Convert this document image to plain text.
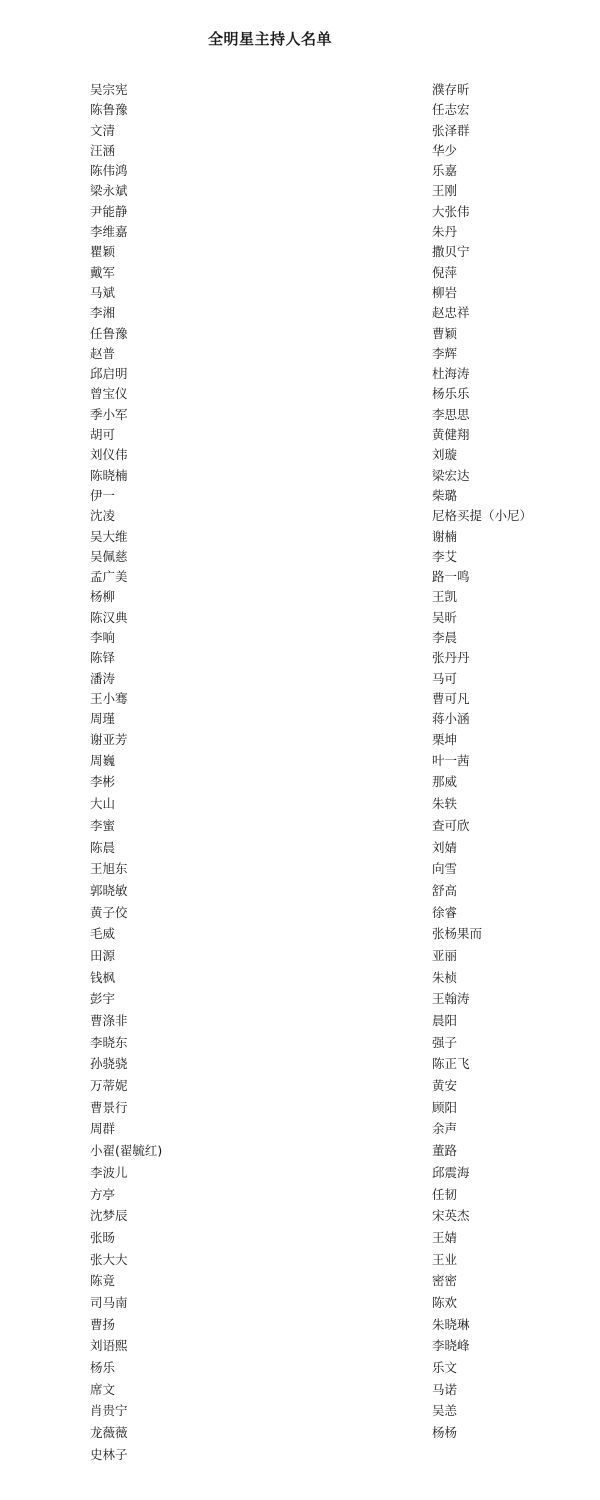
全明星主持人名单
吴宗宪
陈鲁豫
文清
汪涵
陈伟鸿
梁永斌
尹能静
李维嘉
瞿颖
戴军
马斌
李湘
任鲁豫
赵普
邱启明
曾宝仪
季小军
胡可
刘仪伟
陈晓楠
伊一
沈凌
吴大维
吴佩慈
孟广美
杨柳
陈汉典
李响
陈铎
潘涛
王小骞
周瑾
谢亚芳
周巍
李彬
大山
李蜜
陈晨
王旭东
郭晓敏
黄子佼
毛威
田源
钱枫
彭宇
曹涤非
李晓东
孙骁骁
万蒂妮
曹景行
周群
小翟(翟毓红)
李波儿
方亭
沈梦辰
张旸
张大大
陈竟
司马南
曹扬
刘语熙
杨乐
席文
肖贵宁
龙薇薇
史林子
濮存昕
任志宏
张泽群
华少
乐嘉
王刚
大张伟
朱丹
撒贝宁
倪萍
柳岩
赵忠祥
曹颖
李辉
杜海涛
杨乐乐
李思思
黄健翔
刘璇
梁宏达
柴璐
尼格买提（小尼）
谢楠
李艾
路一鸣
王凯
吴昕
李晨
张丹丹
马可
曹可凡
蒋小涵
栗坤
叶一茜
那威
朱轶
查可欣
刘婧
向雪
舒高
徐睿
张杨果而
亚丽
朱桢
王翰涛
晨阳
强子
陈正飞
黄安
顾阳
余声
董路
邱震海
任韧
宋英杰
王婧
王业
密密
陈欢
朱晓琳
李晓峰
乐文
马诺
吴恙
杨杨
